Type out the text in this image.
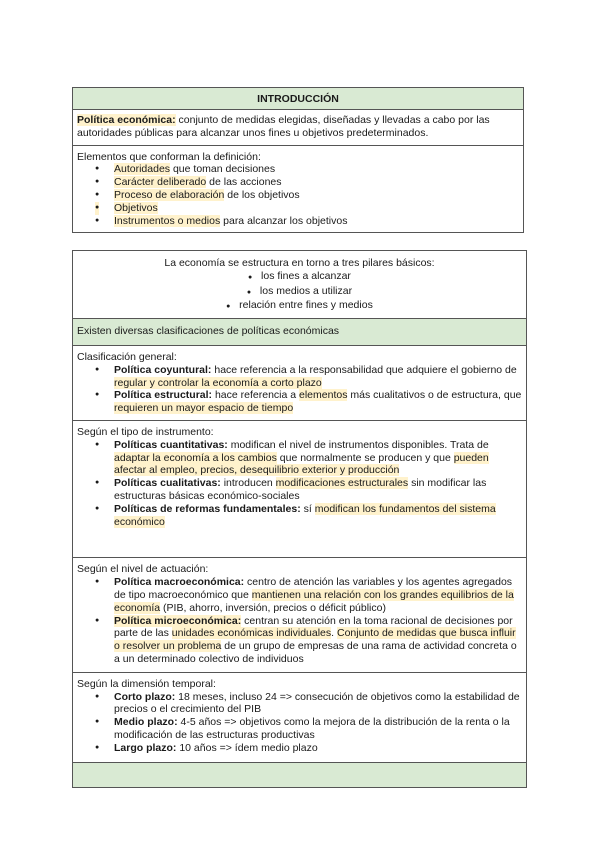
INTRODUCCIÓN
Política económica: conjunto de medidas elegidas, diseñadas y llevadas a cabo por las autoridades públicas para alcanzar unos fines u objetivos predeterminados.
Elementos que conforman la definición:
● Autoridades que toman decisiones
● Carácter deliberado de las acciones
● Proceso de elaboración de los objetivos
● Objetivos
● Instrumentos o medios para alcanzar los objetivos
La economía se estructura en torno a tres pilares básicos:
● los fines a alcanzar
● los medios a utilizar
● relación entre fines y medios
Existen diversas clasificaciones de políticas económicas
Clasificación general:
● Política coyuntural: hace referencia a la responsabilidad que adquiere el gobierno de regular y controlar la economía a corto plazo
● Política estructural: hace referencia a elementos más cualitativos o de estructura, que requieren un mayor espacio de tiempo
Según el tipo de instrumento:
● Políticas cuantitativas: modifican el nivel de instrumentos disponibles. Trata de adaptar la economía a los cambios que normalmente se producen y que pueden afectar al empleo, precios, desequilibrio exterior y producción
● Políticas cualitativas: introducen modificaciones estructurales sin modificar las estructuras básicas económico-sociales
● Políticas de reformas fundamentales: sí modifican los fundamentos del sistema económico
Según el nivel de actuación:
● Política macroeconómica: centro de atención las variables y los agentes agregados de tipo macroeconómico que mantienen una relación con los grandes equilibrios de la economía (PIB, ahorro, inversión, precios o déficit público)
● Política microeconómica: centran su atención en la toma racional de decisiones por parte de las unidades económicas individuales. Conjunto de medidas que busca influir o resolver un problema de un grupo de empresas de una rama de actividad concreta o a un determinado colectivo de individuos
Según la dimensión temporal:
● Corto plazo: 18 meses, incluso 24 => consecución de objetivos como la estabilidad de precios o el crecimiento del PIB
● Medio plazo: 4-5 años => objetivos como la mejora de la distribución de la renta o la modificación de las estructuras productivas
● Largo plazo: 10 años => ídem medio plazo
